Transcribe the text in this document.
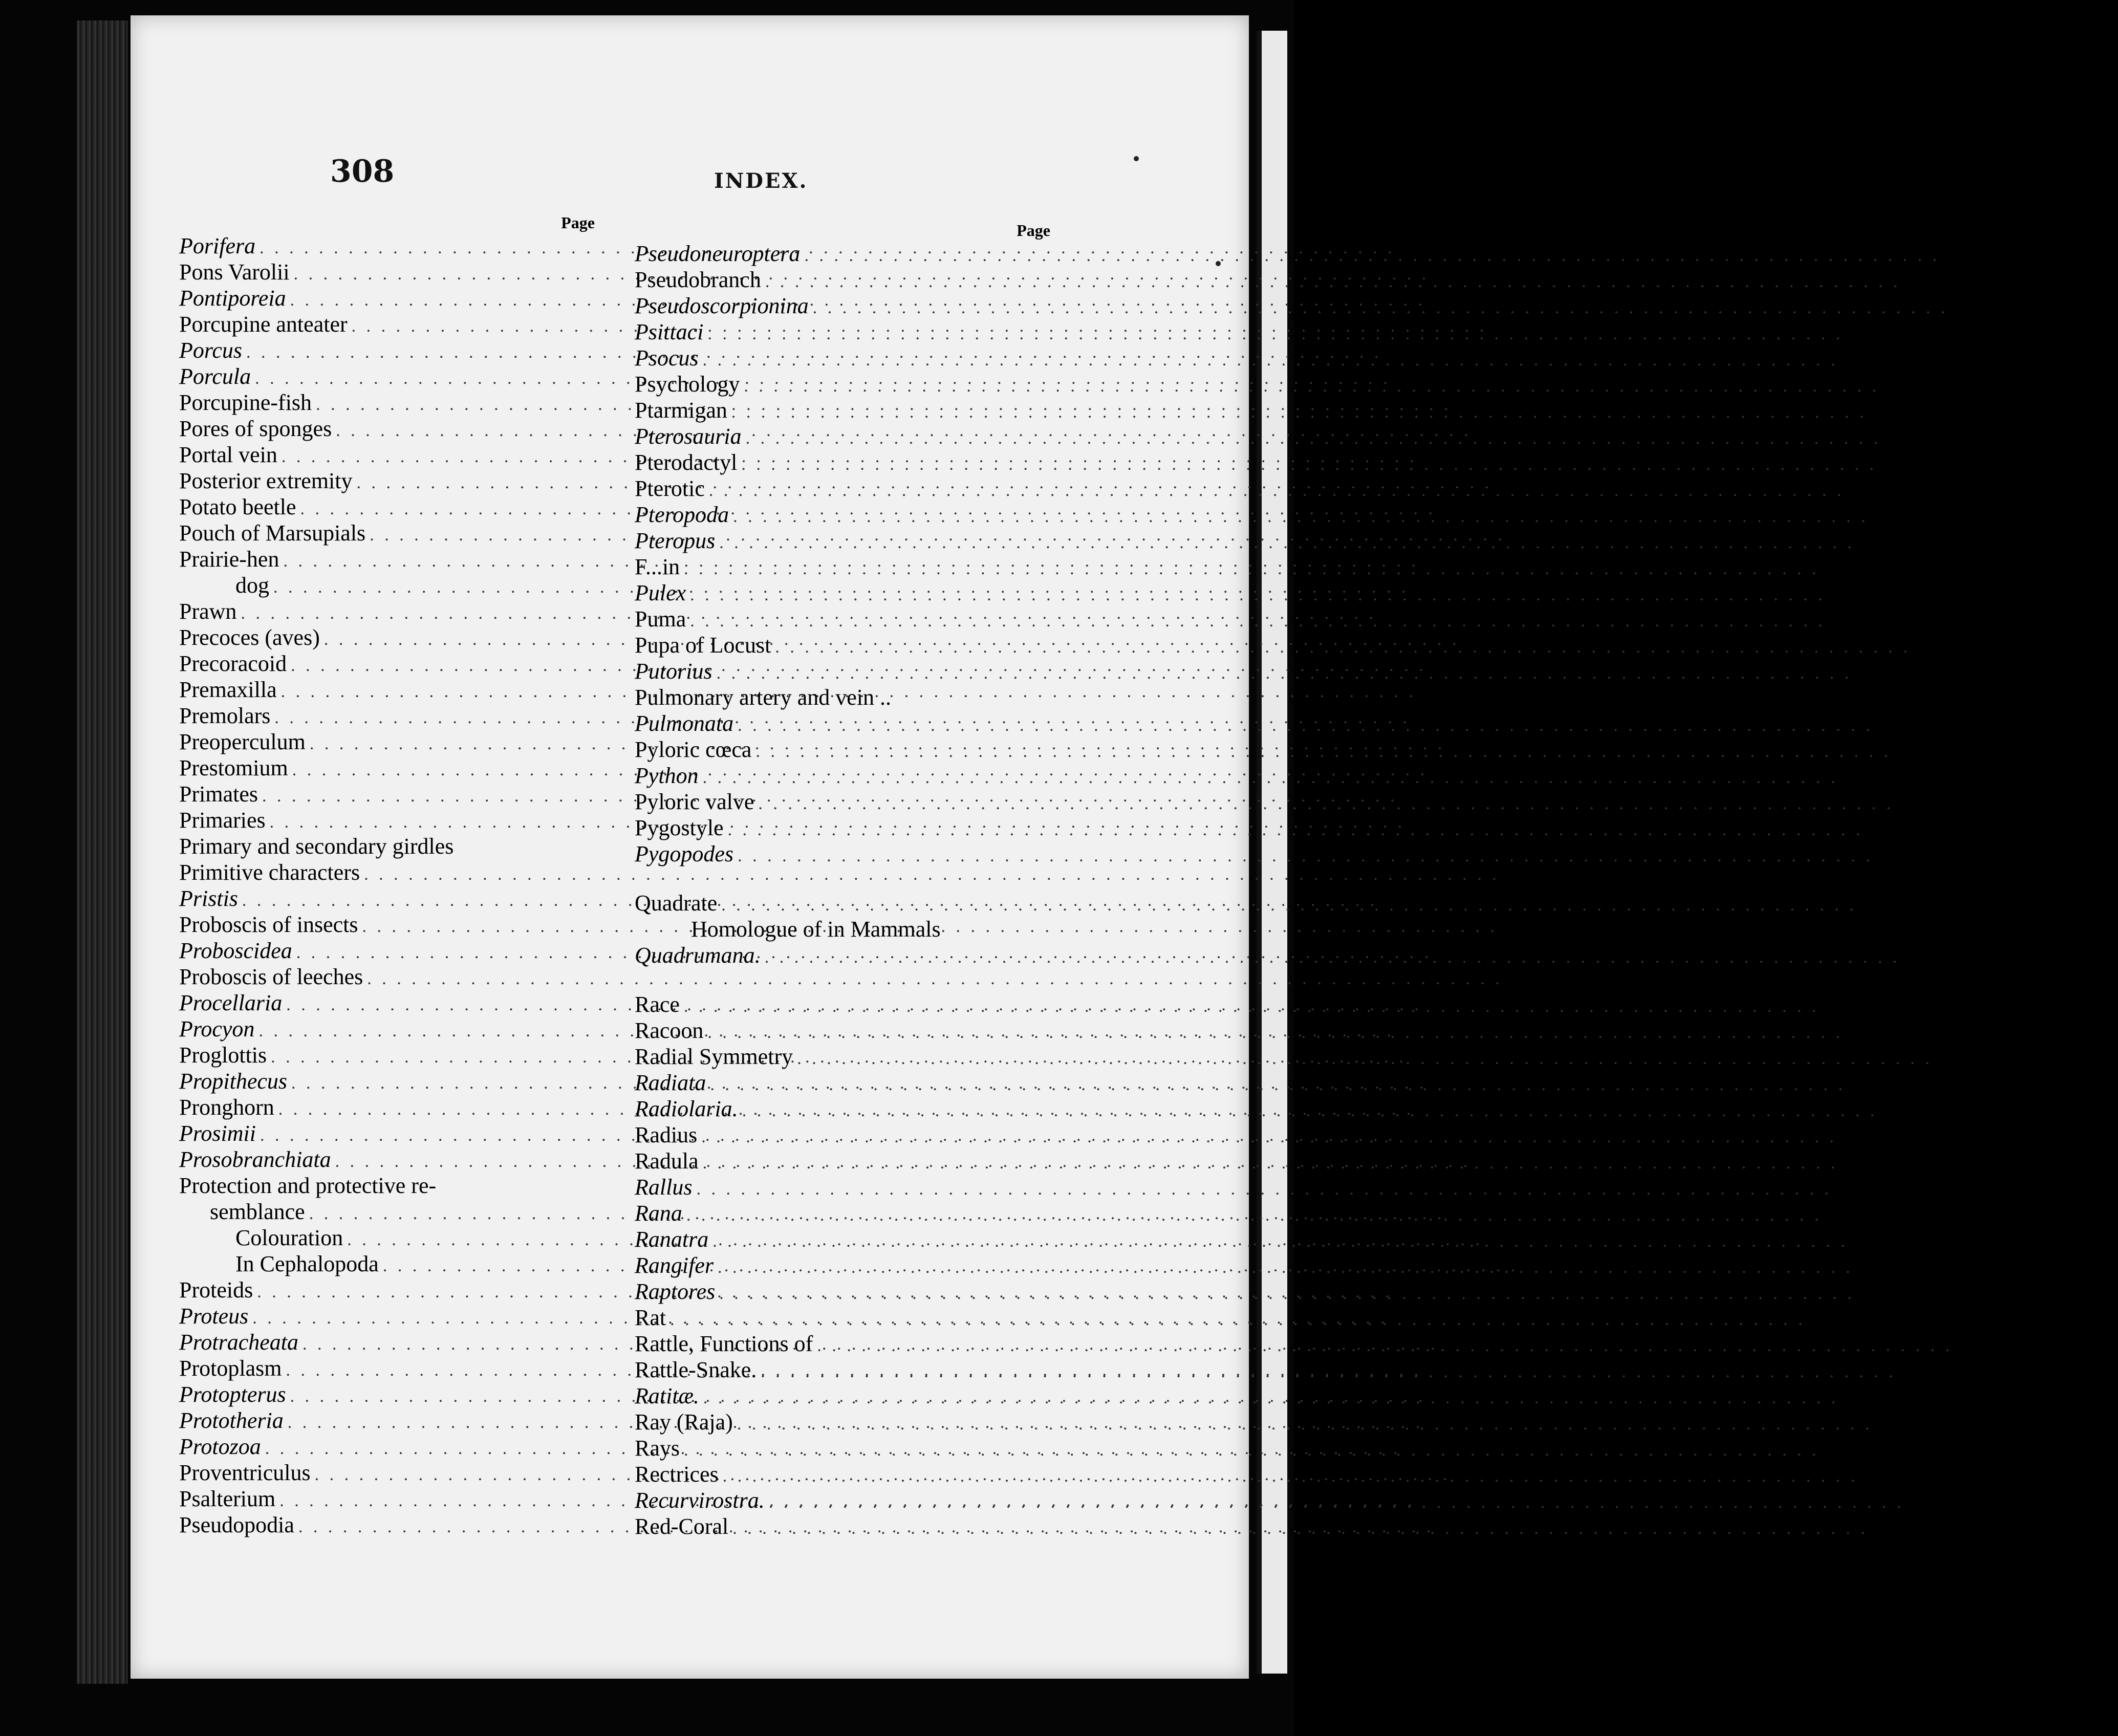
308	INDEX.
Page
Porifera . . .	249
Pons Varolii . . .	151
Pontiporeia . . .	198
Porcupine anteater . . .	160
Porcus . . .	175
Porcula . . .	175
Porcupine-fish . . .	71
Pores of sponges . . .	254
Portal vein . . .	42
Posterior extremity . . .	85
Potato beetle . . .	215
Pouch of Marsupials . . .	143
Prairie-hen . . .	140
dog . . .	184
Prawn . . .	197
Precoces (aves) . . .	131
Precoracoid . . .	83
Premaxilla . . .	25
Premolars . . .	155
Preoperculum . . .	25
Prestomium . . .	222
Primates . . .	188
Primaries . . .	122
Primary and secondary girdles	27
Primitive characters . . .	10
Pristis . . .	76
Proboscis of insects . . .	212
Proboscidea . . .	168
Proboscis of leeches . . .	222
Procellaria . . .	138
Procyon . . .	179
Proglottis . . .	226
Propithecus . . .	188
Pronghorn . . .	178
Prosimii . . .	187
Prosobranchiata . . .	234
Protection and protective re-
semblance . . .	210, 216, 287
Colouration . . .	82, 108
In Cephalopoda . . .	237
Proteids . . .	263
Proteus . . .	88
Protracheata . . .	211
Protoplasm . . .	263
Protopterus . . .	78, 80
Prototheria . . .	160, 143
Protozoa . . .	252-261
Proventriculus . . .	129
Psalterium . . .	176
Pseudopodia . . .	253, 255
Page
Pseudoneuroptera . . .	212
Pseudobranch . . .	57
Pseudoscorpionina . . .	202
Psittaci . . .	141
Psocus . . .	212
Psychology . . .	267
Ptarmigan . . .	140
Pterosauria . . .	120
Pterodactyl . . .	119
Pterotic . . .	22
Pteropoda . . .	235
Pteropus . . .	186
F...in . . .	137
Pulex . . .	216
Puma . . .	179
Pupa of Locust . . .	209
Putorius . . .	179
Pulmonary artery and vein ..	87
Pulmonata . . .	234
Pyloric cœca . . .	60
Python . . .	111
Pyloric valve . . .	39-41
Pygostyle . . .	126
Pygopodes . . .	137
Quadrate . . .	25
Homologue of in Mammals	149
Quadrumana. . . .	187
Race . . .	52
Racoon . . .	179
Radial Symmetry . . .	242
Radiata . . .	242
Radiolaria. . . .	255
Radius . . .	85
Radula . . .	234
Rallus . . .	139
Rana . . .	92, 96
Ranatra . . .	213
Rangifer . . .	178
Raptores . . .	140
Rat . . .	184
Rattle, Functions of . . .	113
Rattle-Snake. . . .	113
Ratitæ. . . .	132
Ray (Raja) . . .	76
Rays . . .	242
Rectrices . . .	122
Recurvirostra. . . .	136
Red-Coral . . .	248
